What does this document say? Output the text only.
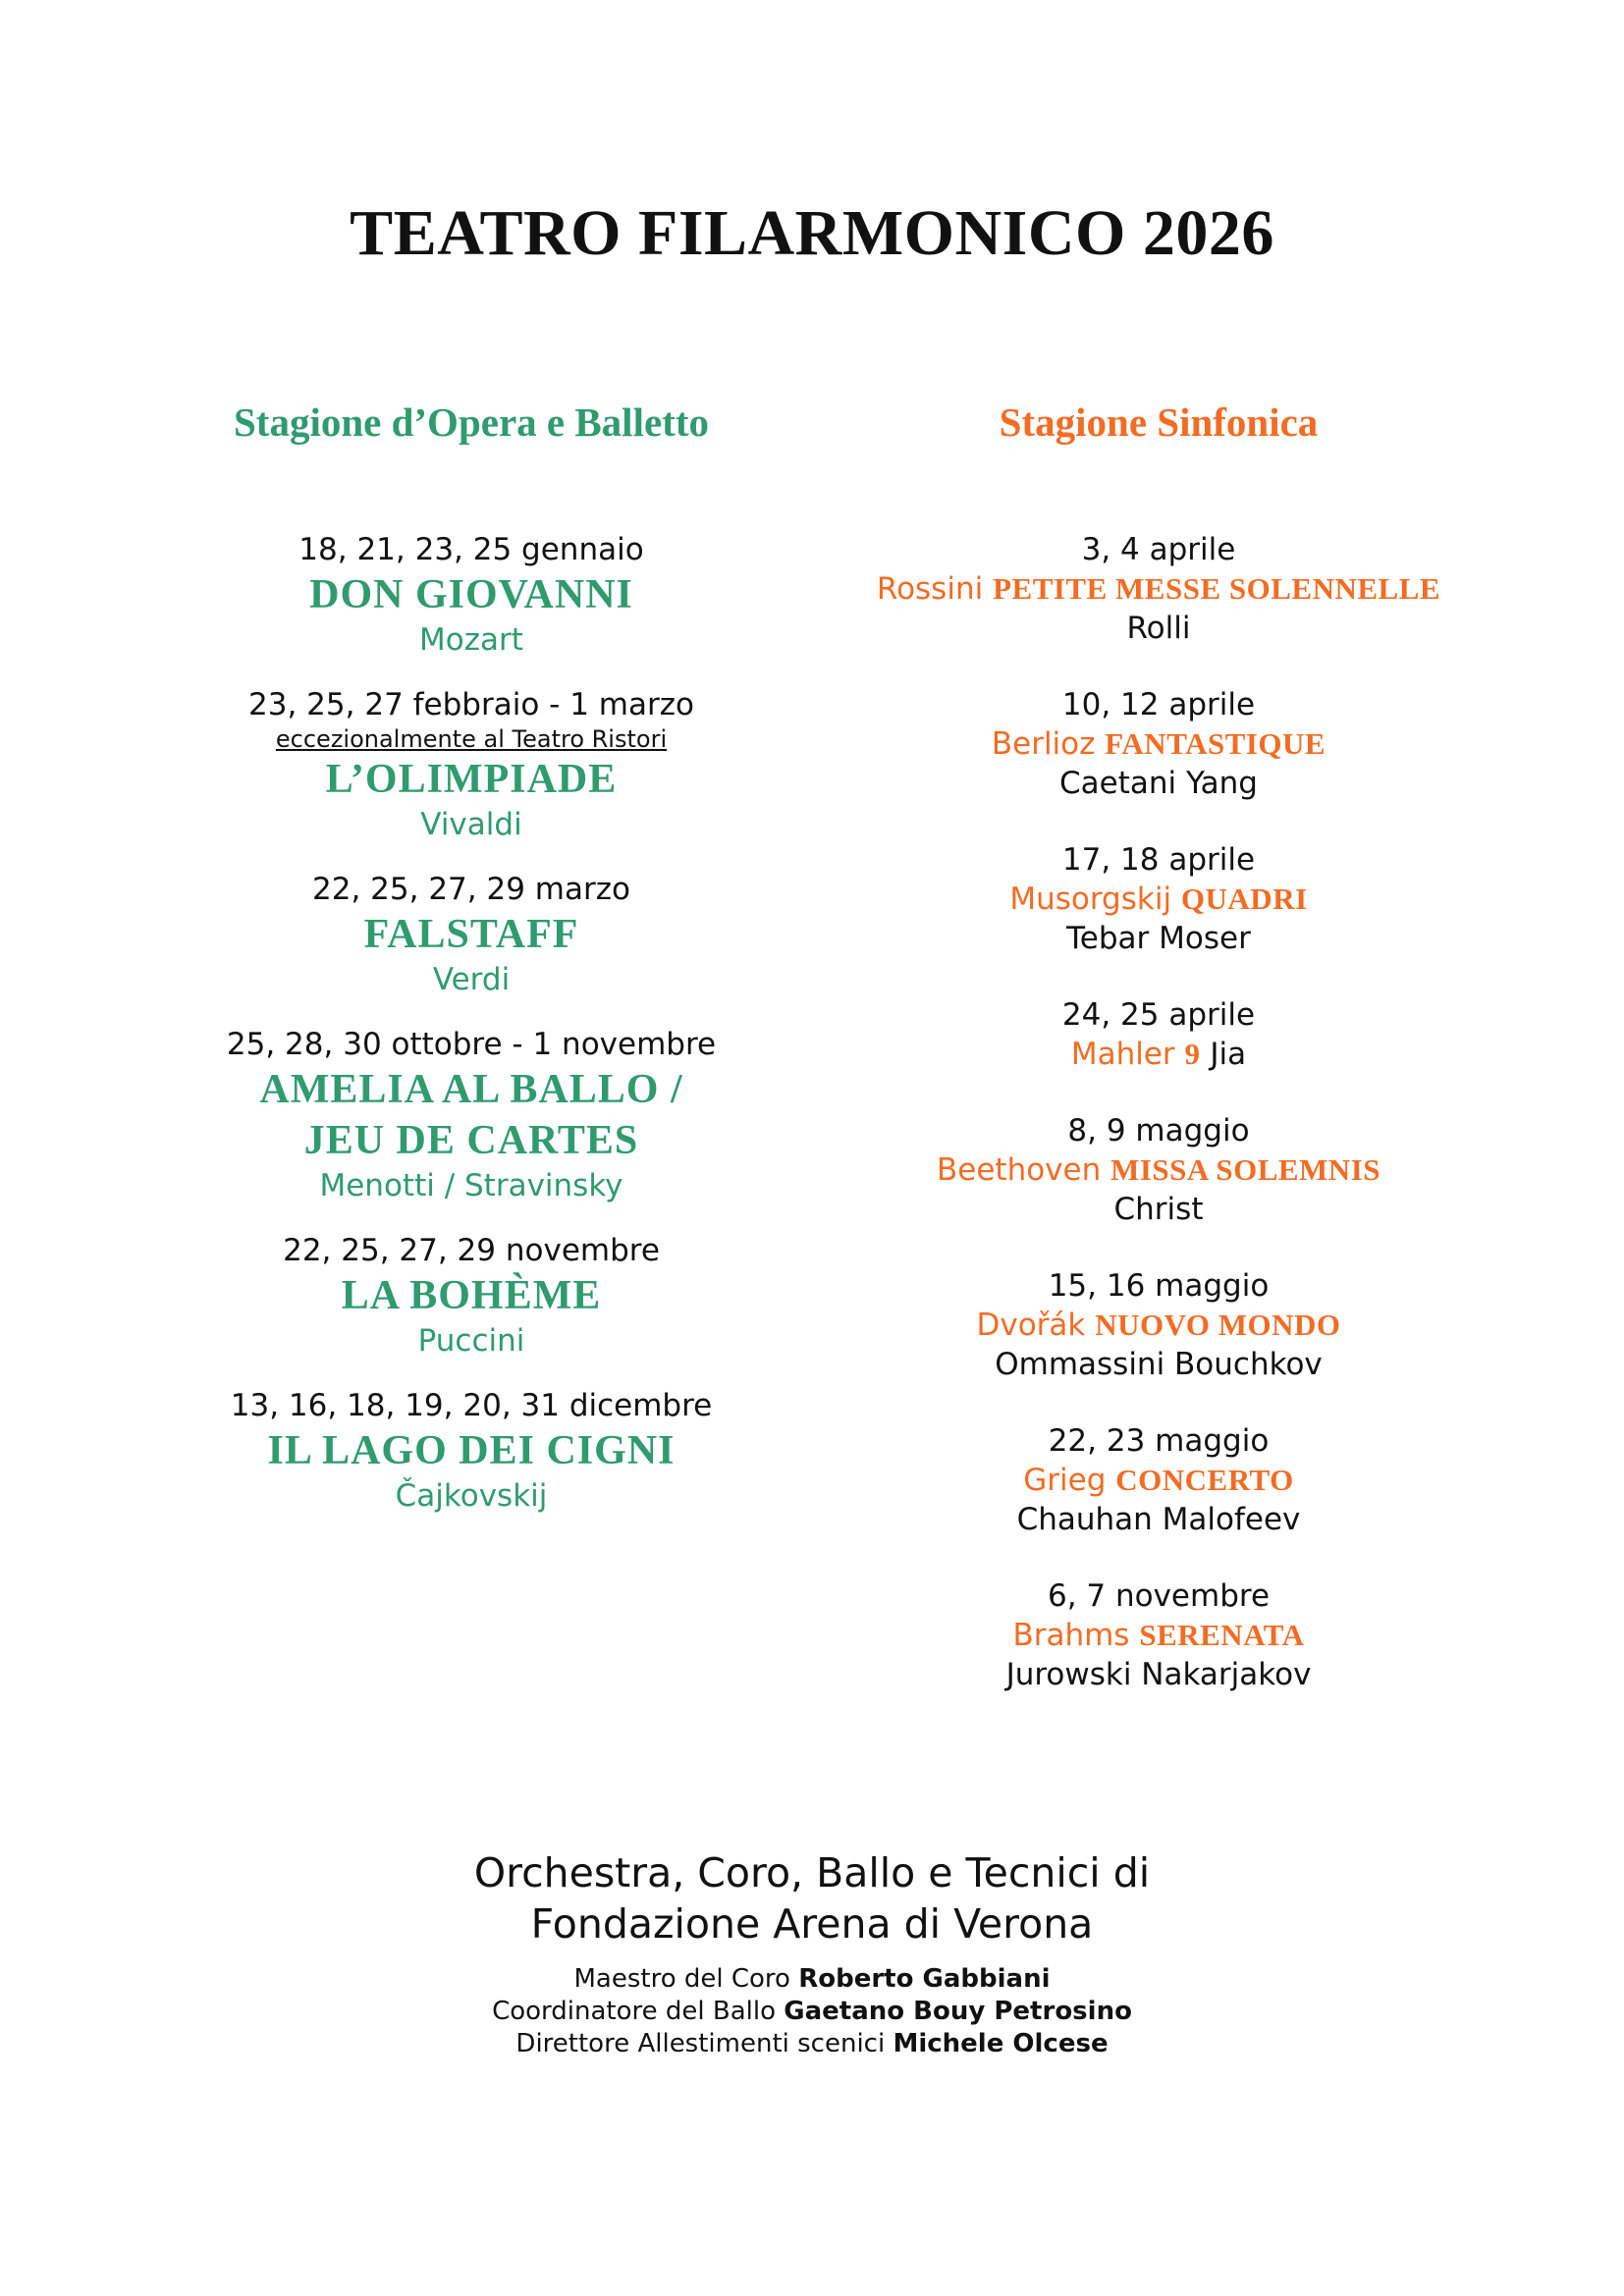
TEATRO FILARMONICO 2026
Stagione d’Opera e Balletto
18, 21, 23, 25 gennaio
DON GIOVANNI
Mozart
23, 25, 27 febbraio - 1 marzo
eccezionalmente al Teatro Ristori
L’OLIMPIADE
Vivaldi
22, 25, 27, 29 marzo
FALSTAFF
Verdi
25, 28, 30 ottobre - 1 novembre
AMELIA AL BALLO /
JEU DE CARTES
Menotti / Stravinsky
22, 25, 27, 29 novembre
LA BOHÈME
Puccini
13, 16, 18, 19, 20, 31 dicembre
IL LAGO DEI CIGNI
Čajkovskij
Stagione Sinfonica
3, 4 aprile
Rossini PETITE MESSE SOLENNELLE
Rolli
10, 12 aprile
Berlioz FANTASTIQUE
Caetani Yang
17, 18 aprile
Musorgskij QUADRI
Tebar Moser
24, 25 aprile
Mahler 9 Jia
8, 9 maggio
Beethoven MISSA SOLEMNIS
Christ
15, 16 maggio
Dvořák NUOVO MONDO
Ommassini Bouchkov
22, 23 maggio
Grieg CONCERTO
Chauhan Malofeev
6, 7 novembre
Brahms SERENATA
Jurowski Nakarjakov
Orchestra, Coro, Ballo e Tecnici di
Fondazione Arena di Verona
Maestro del Coro Roberto Gabbiani
Coordinatore del Ballo Gaetano Bouy Petrosino
Direttore Allestimenti scenici Michele Olcese
